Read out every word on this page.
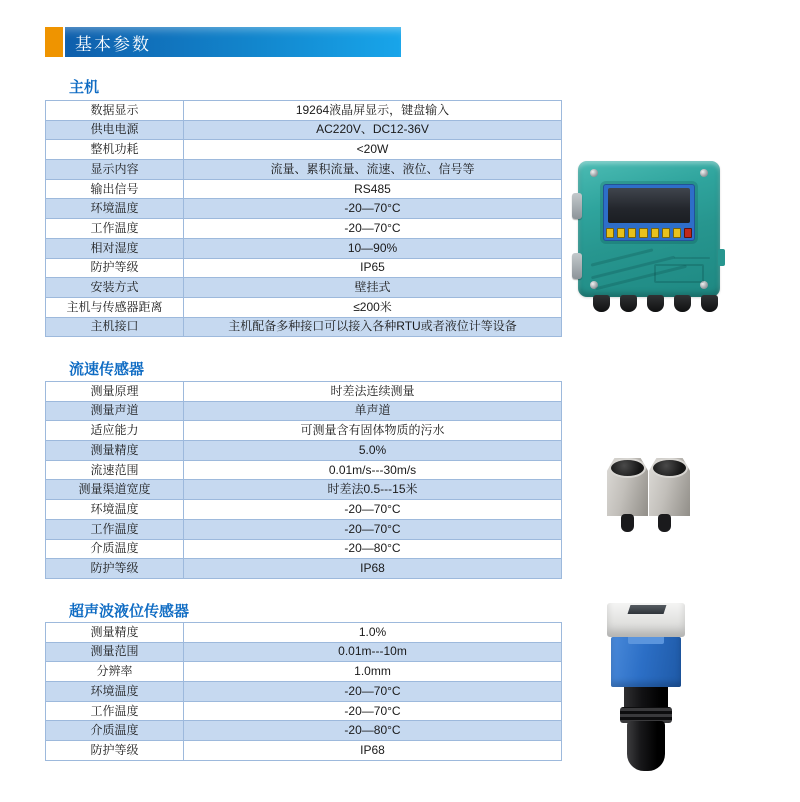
基本参数
主机
数据显示	19264液晶屏显示，键盘输入
供电电源	AC220V、DC12-36V
整机功耗	<20W
显示内容	流量、累积流量、流速、液位、信号等
输出信号	RS485
环境温度	-20—70°C
工作温度	-20—70°C
相对湿度	10—90%
防护等级	IP65
安装方式	壁挂式
主机与传感器距离	≤200米
主机接口	主机配备多种接口可以接入各种RTU或者液位计等设备
流速传感器
测量原理	时差法连续测量
测量声道	单声道
适应能力	可测量含有固体物质的污水
测量精度	5.0%
流速范围	0.01m/s---30m/s
测量渠道宽度	时差法0.5---15米
环境温度	-20—70°C
工作温度	-20—70°C
介质温度	-20—80°C
防护等级	IP68
超声波液位传感器
测量精度	1.0%
测量范围	0.01m---10m
分辨率	1.0mm
环境温度	-20—70°C
工作温度	-20—70°C
介质温度	-20—80°C
防护等级	IP68
